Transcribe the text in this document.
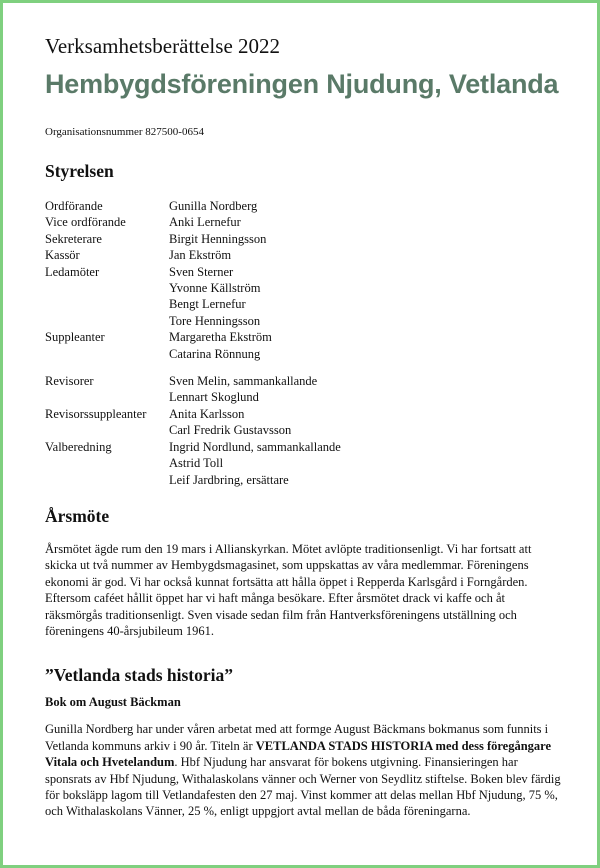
Verksamhetsberättelse 2022
Hembygdsföreningen Njudung, Vetlanda
Organisationsnummer 827500-0654
Styrelsen
Ordförande	Gunilla Nordberg
Vice ordförande	Anki Lernefur
Sekreterare	Birgit Henningsson
Kassör	Jan Ekström
Ledamöter	Sven Sterner
Yvonne Källström
Bengt Lernefur
Tore Henningsson
Suppleanter	Margaretha Ekström
Catarina Rönnung
Revisorer	Sven Melin, sammankallande
Lennart Skoglund
Revisorssuppleanter	Anita Karlsson
Carl Fredrik Gustavsson
Valberedning	Ingrid Nordlund, sammankallande
Astrid Toll
Leif Jardbring, ersättare
Årsmöte

Årsmötet ägde rum den 19 mars i Allianskyrkan. Mötet avlöpte traditionsenligt. Vi har fortsatt att skicka ut två nummer av Hembygdsmagasinet, som uppskattas av våra medlemmar. Föreningens ekonomi är god. Vi har också kunnat fortsätta att hålla öppet i Repperda Karlsgård i Forngården. Eftersom caféet hållit öppet har vi haft många besökare. Efter årsmötet drack vi kaffe och åt räksmörgås traditionsenligt. Sven visade sedan film från Hantverksföreningens utställning och föreningens 40-årsjubileum 1961.

”Vetlanda stads historia”
Bok om August Bäckman

Gunilla Nordberg har under våren arbetat med att formge August Bäckmans bokmanus som funnits i Vetlanda kommuns arkiv i 90 år. Titeln är VETLANDA STADS HISTORIA med dess föregångare Vitala och Hvetelandum. Hbf Njudung har ansvarat för bokens utgivning. Finansieringen har sponsrats av Hbf Njudung, Withalaskolans vänner och Werner von Seydlitz stiftelse. Boken blev färdig för boksläpp lagom till Vetlandafesten den 27 maj. Vinst kommer att delas mellan Hbf Njudung, 75 %, och Withalaskolans Vänner, 25 %, enligt uppgjort avtal mellan de båda föreningarna.
